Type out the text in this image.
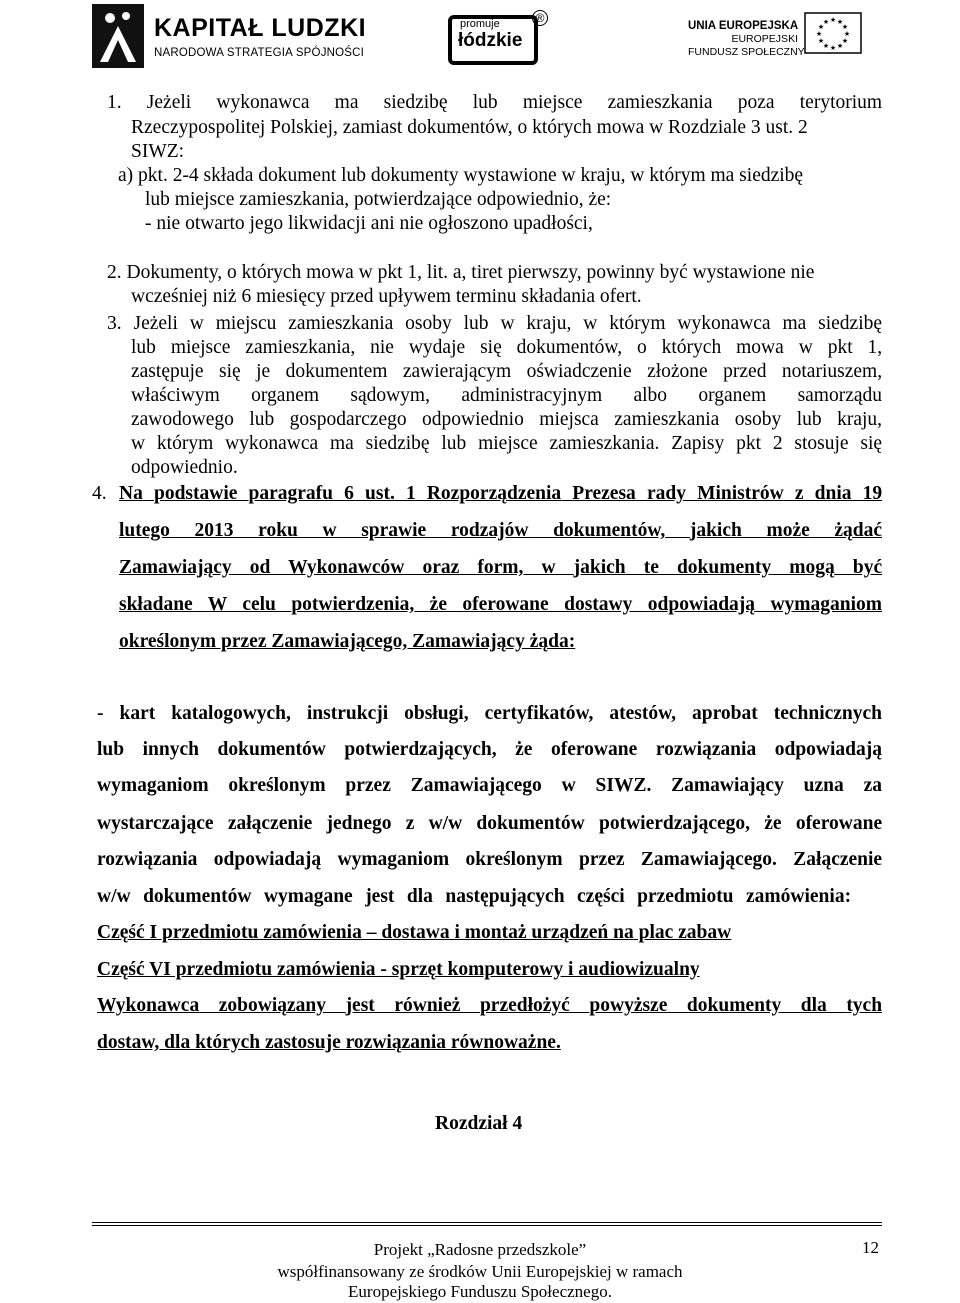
KAPITAŁ LUDZKI
NARODOWA STRATEGIA SPÓJNOŚCI
promuje
łódzkie
®
UNIA EUROPEJSKA
EUROPEJSKI
FUNDUSZ SPOŁECZNY
★ ★
★
★
★
★
★
★
★
★
★
★
1. Jeżeli wykonawca ma siedzibę lub miejsce zamieszkania poza terytorium
Rzeczypospolitej Polskiej, zamiast dokumentów, o których mowa w Rozdziale 3 ust. 2
SIWZ:
a) pkt. 2-4 składa dokument lub dokumenty wystawione w kraju, w którym ma siedzibę
lub miejsce zamieszkania, potwierdzające odpowiednio, że:
- nie otwarto jego likwidacji ani nie ogłoszono upadłości,
2. Dokumenty, o których mowa w pkt 1, lit. a, tiret pierwszy, powinny być wystawione nie
wcześniej niż 6 miesięcy przed upływem terminu składania ofert.
3. Jeżeli w miejscu zamieszkania osoby lub w kraju, w którym wykonawca ma siedzibę
lub miejsce zamieszkania, nie wydaje się dokumentów, o których mowa w pkt 1,
zastępuje się je dokumentem zawierającym oświadczenie złożone przed notariuszem,
właściwym organem sądowym, administracyjnym albo organem samorządu
zawodowego lub gospodarczego odpowiednio miejsca zamieszkania osoby lub kraju,
w którym wykonawca ma siedzibę lub miejsce zamieszkania. Zapisy pkt 2 stosuje się
odpowiednio.
4. Na podstawie paragrafu 6 ust. 1 Rozporządzenia Prezesa rady Ministrów z dnia 19
lutego 2013 roku w sprawie rodzajów dokumentów, jakich może żądać
Zamawiający od Wykonawców oraz form, w jakich te dokumenty mogą być
składane W celu potwierdzenia, że oferowane dostawy odpowiadają wymaganiom
określonym przez Zamawiającego, Zamawiający żąda:
- kart katalogowych, instrukcji obsługi, certyfikatów, atestów, aprobat technicznych
lub innych dokumentów potwierdzających, że oferowane rozwiązania odpowiadają
wymaganiom określonym przez Zamawiającego w SIWZ. Zamawiający uzna za
wystarczające załączenie jednego z w/w dokumentów potwierdzającego, że oferowane
rozwiązania odpowiadają wymaganiom określonym przez Zamawiającego. Załączenie
w/w dokumentów wymagane jest dla następujących części przedmiotu zamówienia:
Część I przedmiotu zamówienia – dostawa i montaż urządzeń na plac zabaw
Część VI przedmiotu zamówienia - sprzęt komputerowy i audiowizualny
Wykonawca zobowiązany jest również przedłożyć powyższe dokumenty dla tych
dostaw, dla których zastosuje rozwiązania równoważne.
Rozdział 4
Projekt „Radosne przedszkole”
współfinansowany ze środków Unii Europejskiej w ramach
Europejskiego Funduszu Społecznego.
12
